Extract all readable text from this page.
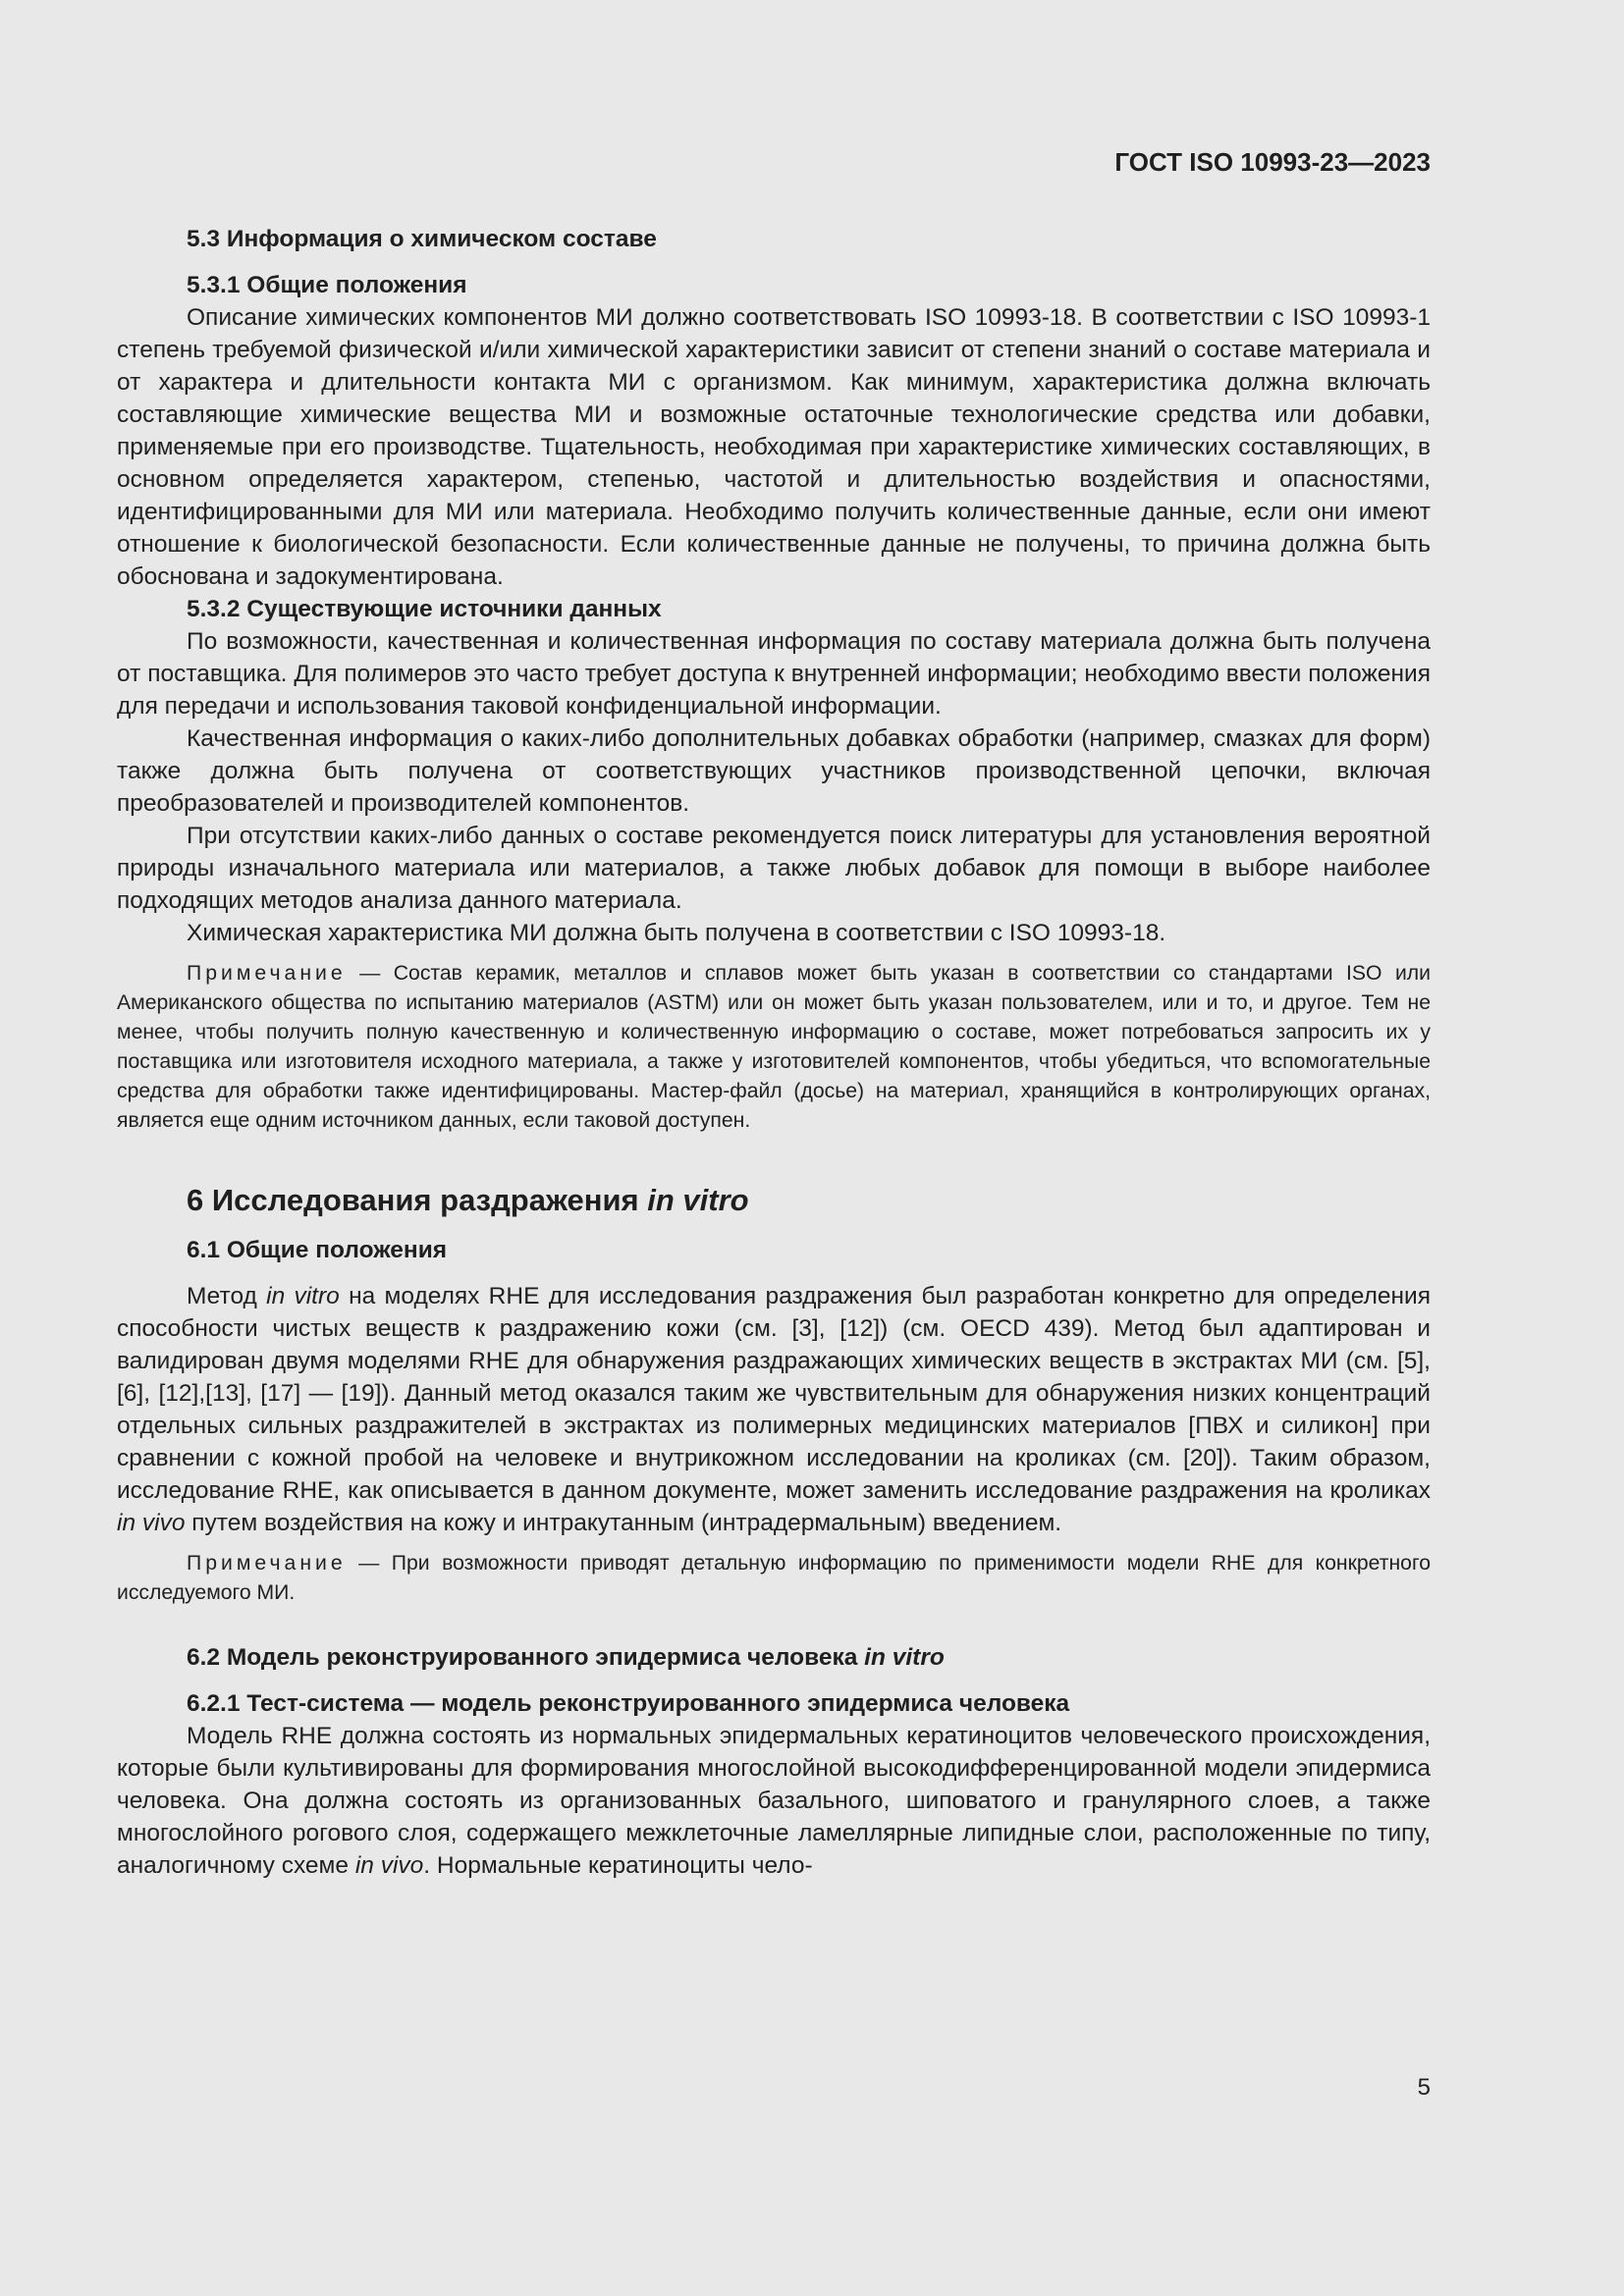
ГОСТ ISO 10993-23—2023

5.3 Информация о химическом составе

5.3.1 Общие положения

Описание химических компонентов МИ должно соответствовать ISO 10993-18. В соответствии с ISO 10993-1 степень требуемой физической и/или химической характеристики зависит от степени знаний о составе материала и от характера и длительности контакта МИ с организмом. Как минимум, характеристика должна включать составляющие химические вещества МИ и возможные остаточные технологические средства или добавки, применяемые при его производстве. Тщательность, необходимая при характеристике химических составляющих, в основном определяется характером, степенью, частотой и длительностью воздействия и опасностями, идентифицированными для МИ или материала. Необходимо получить количественные данные, если они имеют отношение к биологической безопасности. Если количественные данные не получены, то причина должна быть обоснована и задокументирована.

5.3.2 Существующие источники данных

По возможности, качественная и количественная информация по составу материала должна быть получена от поставщика. Для полимеров это часто требует доступа к внутренней информации; необходимо ввести положения для передачи и использования таковой конфиденциальной информации.

Качественная информация о каких-либо дополнительных добавках обработки (например, смазках для форм) также должна быть получена от соответствующих участников производственной цепочки, включая преобразователей и производителей компонентов.

При отсутствии каких-либо данных о составе рекомендуется поиск литературы для установления вероятной природы изначального материала или материалов, а также любых добавок для помощи в выборе наиболее подходящих методов анализа данного материала.

Химическая характеристика МИ должна быть получена в соответствии с ISO 10993-18.

Примечание — Состав керамик, металлов и сплавов может быть указан в соответствии со стандартами ISO или Американского общества по испытанию материалов (ASTM) или он может быть указан пользователем, или и то, и другое. Тем не менее, чтобы получить полную качественную и количественную информацию о составе, может потребоваться запросить их у поставщика или изготовителя исходного материала, а также у изготовителей компонентов, чтобы убедиться, что вспомогательные средства для обработки также идентифицированы. Мастер-файл (досье) на материал, хранящийся в контролирующих органах, является еще одним источником данных, если таковой доступен.

6 Исследования раздражения in vitro

6.1 Общие положения

Метод in vitro на моделях RHE для исследования раздражения был разработан конкретно для определения способности чистых веществ к раздражению кожи (см. [3], [12]) (см. OECD 439). Метод был адаптирован и валидирован двумя моделями RHE для обнаружения раздражающих химических веществ в экстрактах МИ (см. [5], [6], [12],[13], [17] — [19]). Данный метод оказался таким же чувствительным для обнаружения низких концентраций отдельных сильных раздражителей в экстрактах из полимерных медицинских материалов [ПВХ и силикон] при сравнении с кожной пробой на человеке и внутрикожном исследовании на кроликах (см. [20]). Таким образом, исследование RHE, как описывается в данном документе, может заменить исследование раздражения на кроликах in vivo путем воздействия на кожу и интракутанным (интрадермальным) введением.

Примечание — При возможности приводят детальную информацию по применимости модели RHE для конкретного исследуемого МИ.

6.2 Модель реконструированного эпидермиса человека in vitro

6.2.1 Тест-система — модель реконструированного эпидермиса человека

Модель RHE должна состоять из нормальных эпидермальных кератиноцитов человеческого происхождения, которые были культивированы для формирования многослойной высокодифференцированной модели эпидермиса человека. Она должна состоять из организованных базального, шиповатого и гранулярного слоев, а также многослойного рогового слоя, содержащего межклеточные ламеллярные липидные слои, расположенные по типу, аналогичному схеме in vivo. Нормальные кератиноциты чело-

5
